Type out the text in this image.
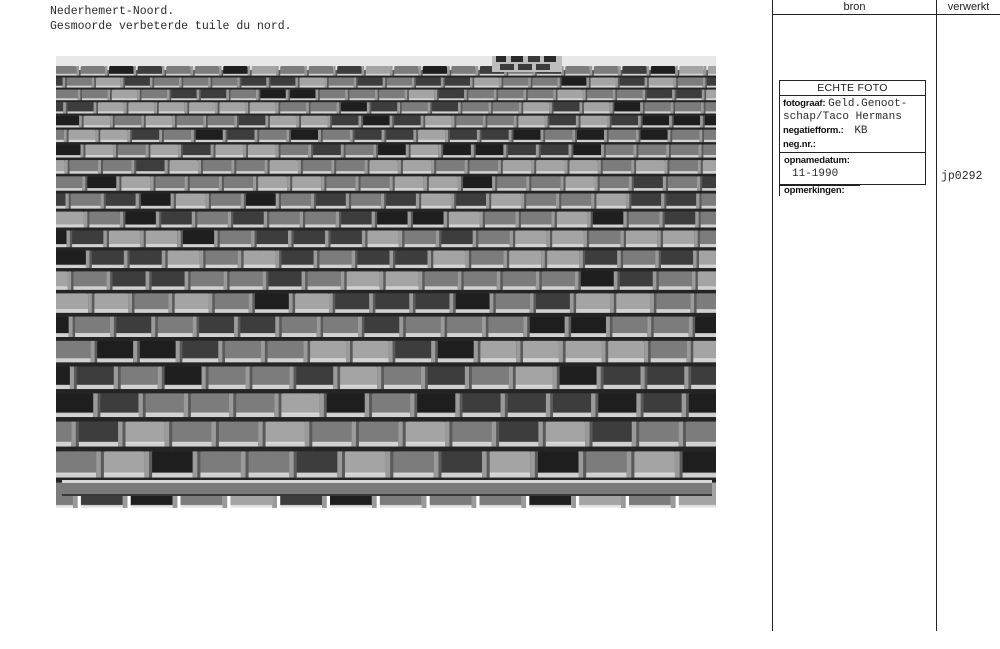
Nederhemert-Noord.
Gesmoorde verbeterde tuile du nord.
bron	verwerkt
ECHTE FOTO
fotograaf: Geld.Genoot-
schap/Taco Hermans
negatiefform.: KB
neg.nr.:
opnamedatum:
11-1990
opmerkingen:
jp0292
